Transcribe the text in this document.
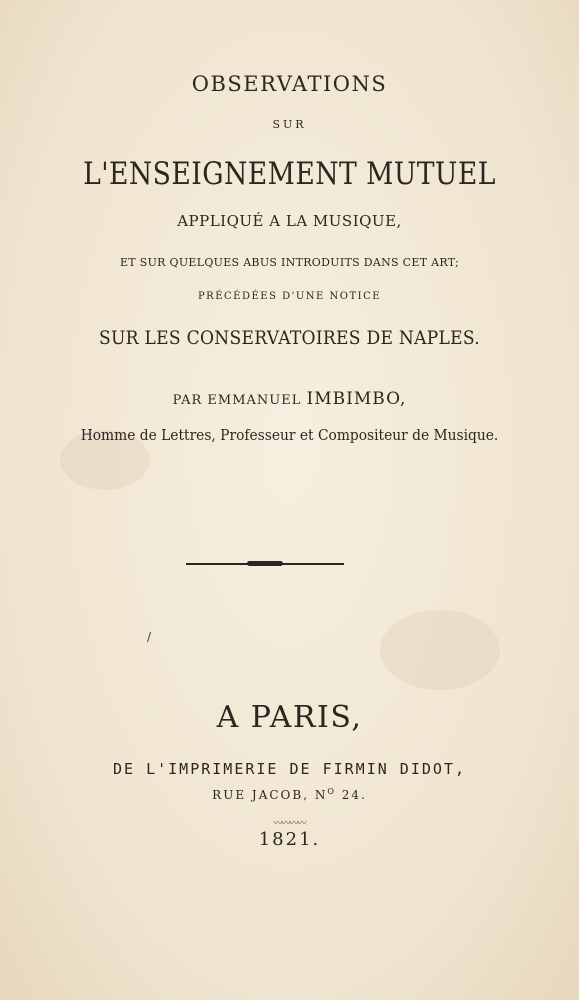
OBSERVATIONS
SUR
L'ENSEIGNEMENT MUTUEL
APPLIQUÉ A LA MUSIQUE,
ET SUR QUELQUES ABUS INTRODUITS DANS CET ART;
PRÉCÉDÉES D'UNE NOTICE
SUR LES CONSERVATOIRES DE NAPLES.
PAR EMMANUEL IMBIMBO,
Homme de Lettres, Professeur et Compositeur de Musique.
/
A PARIS,
DE L'IMPRIMERIE DE FIRMIN DIDOT,
RUE JACOB, $N^O$ 24.
〰〰〰〰
1821.
